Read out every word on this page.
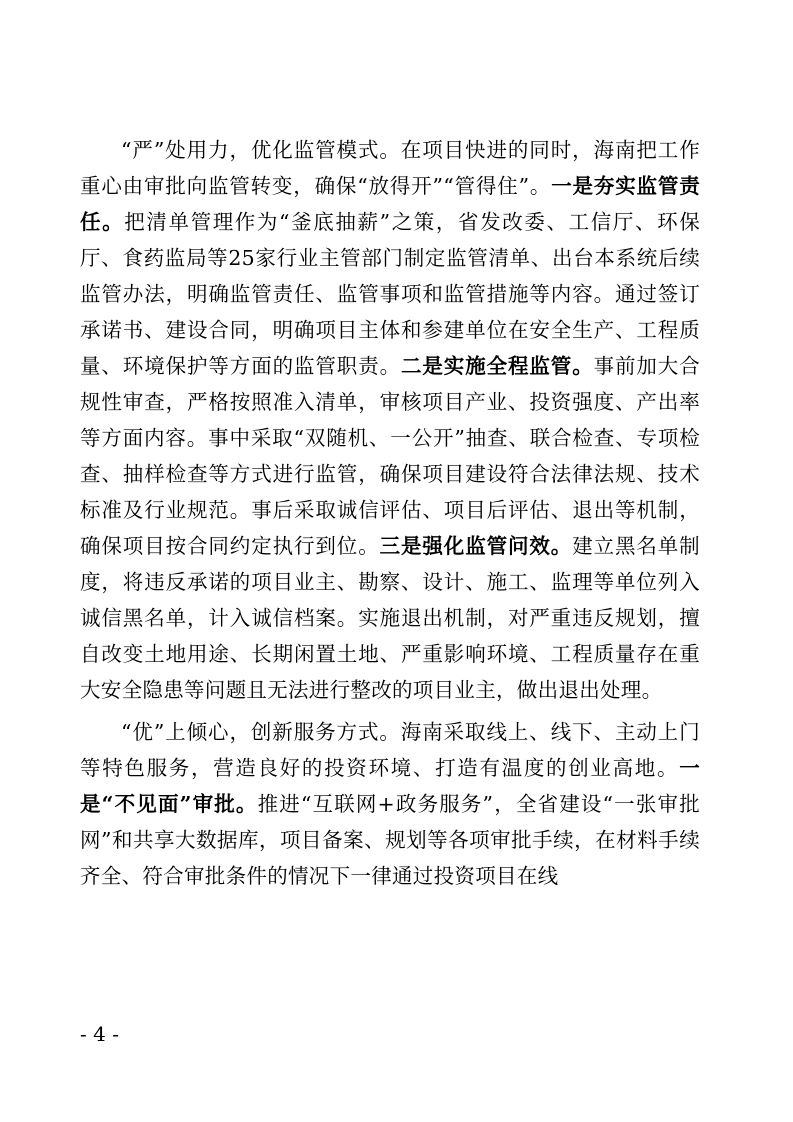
“严”处用力，优化监管模式。在项目快进的同时，海南把工作重心由审批向监管转变，确保“放得开”“管得住”。一是夯实监管责任。把清单管理作为“釜底抽薪”之策，省发改委、工信厅、环保厅、食药监局等25家行业主管部门制定监管清单、出台本系统后续监管办法，明确监管责任、监管事项和监管措施等内容。通过签订承诺书、建设合同，明确项目主体和参建单位在安全生产、工程质量、环境保护等方面的监管职责。二是实施全程监管。事前加大合规性审查，严格按照准入清单，审核项目产业、投资强度、产出率等方面内容。事中采取“双随机、一公开”抽查、联合检查、专项检查、抽样检查等方式进行监管，确保项目建设符合法律法规、技术标准及行业规范。事后采取诚信评估、项目后评估、退出等机制，确保项目按合同约定执行到位。三是强化监管问效。建立黑名单制度，将违反承诺的项目业主、勘察、设计、施工、监理等单位列入诚信黑名单，计入诚信档案。实施退出机制，对严重违反规划，擅自改变土地用途、长期闲置土地、严重影响环境、工程质量存在重大安全隐患等问题且无法进行整改的项目业主，做出退出处理。

“优”上倾心，创新服务方式。海南采取线上、线下、主动上门等特色服务，营造良好的投资环境、打造有温度的创业高地。一是“不见面”审批。推进“互联网+政务服务”，全省建设“一张审批网”和共享大数据库，项目备案、规划等各项审批手续，在材料手续齐全、符合审批条件的情况下一律通过投资项目在线

- 4 -
